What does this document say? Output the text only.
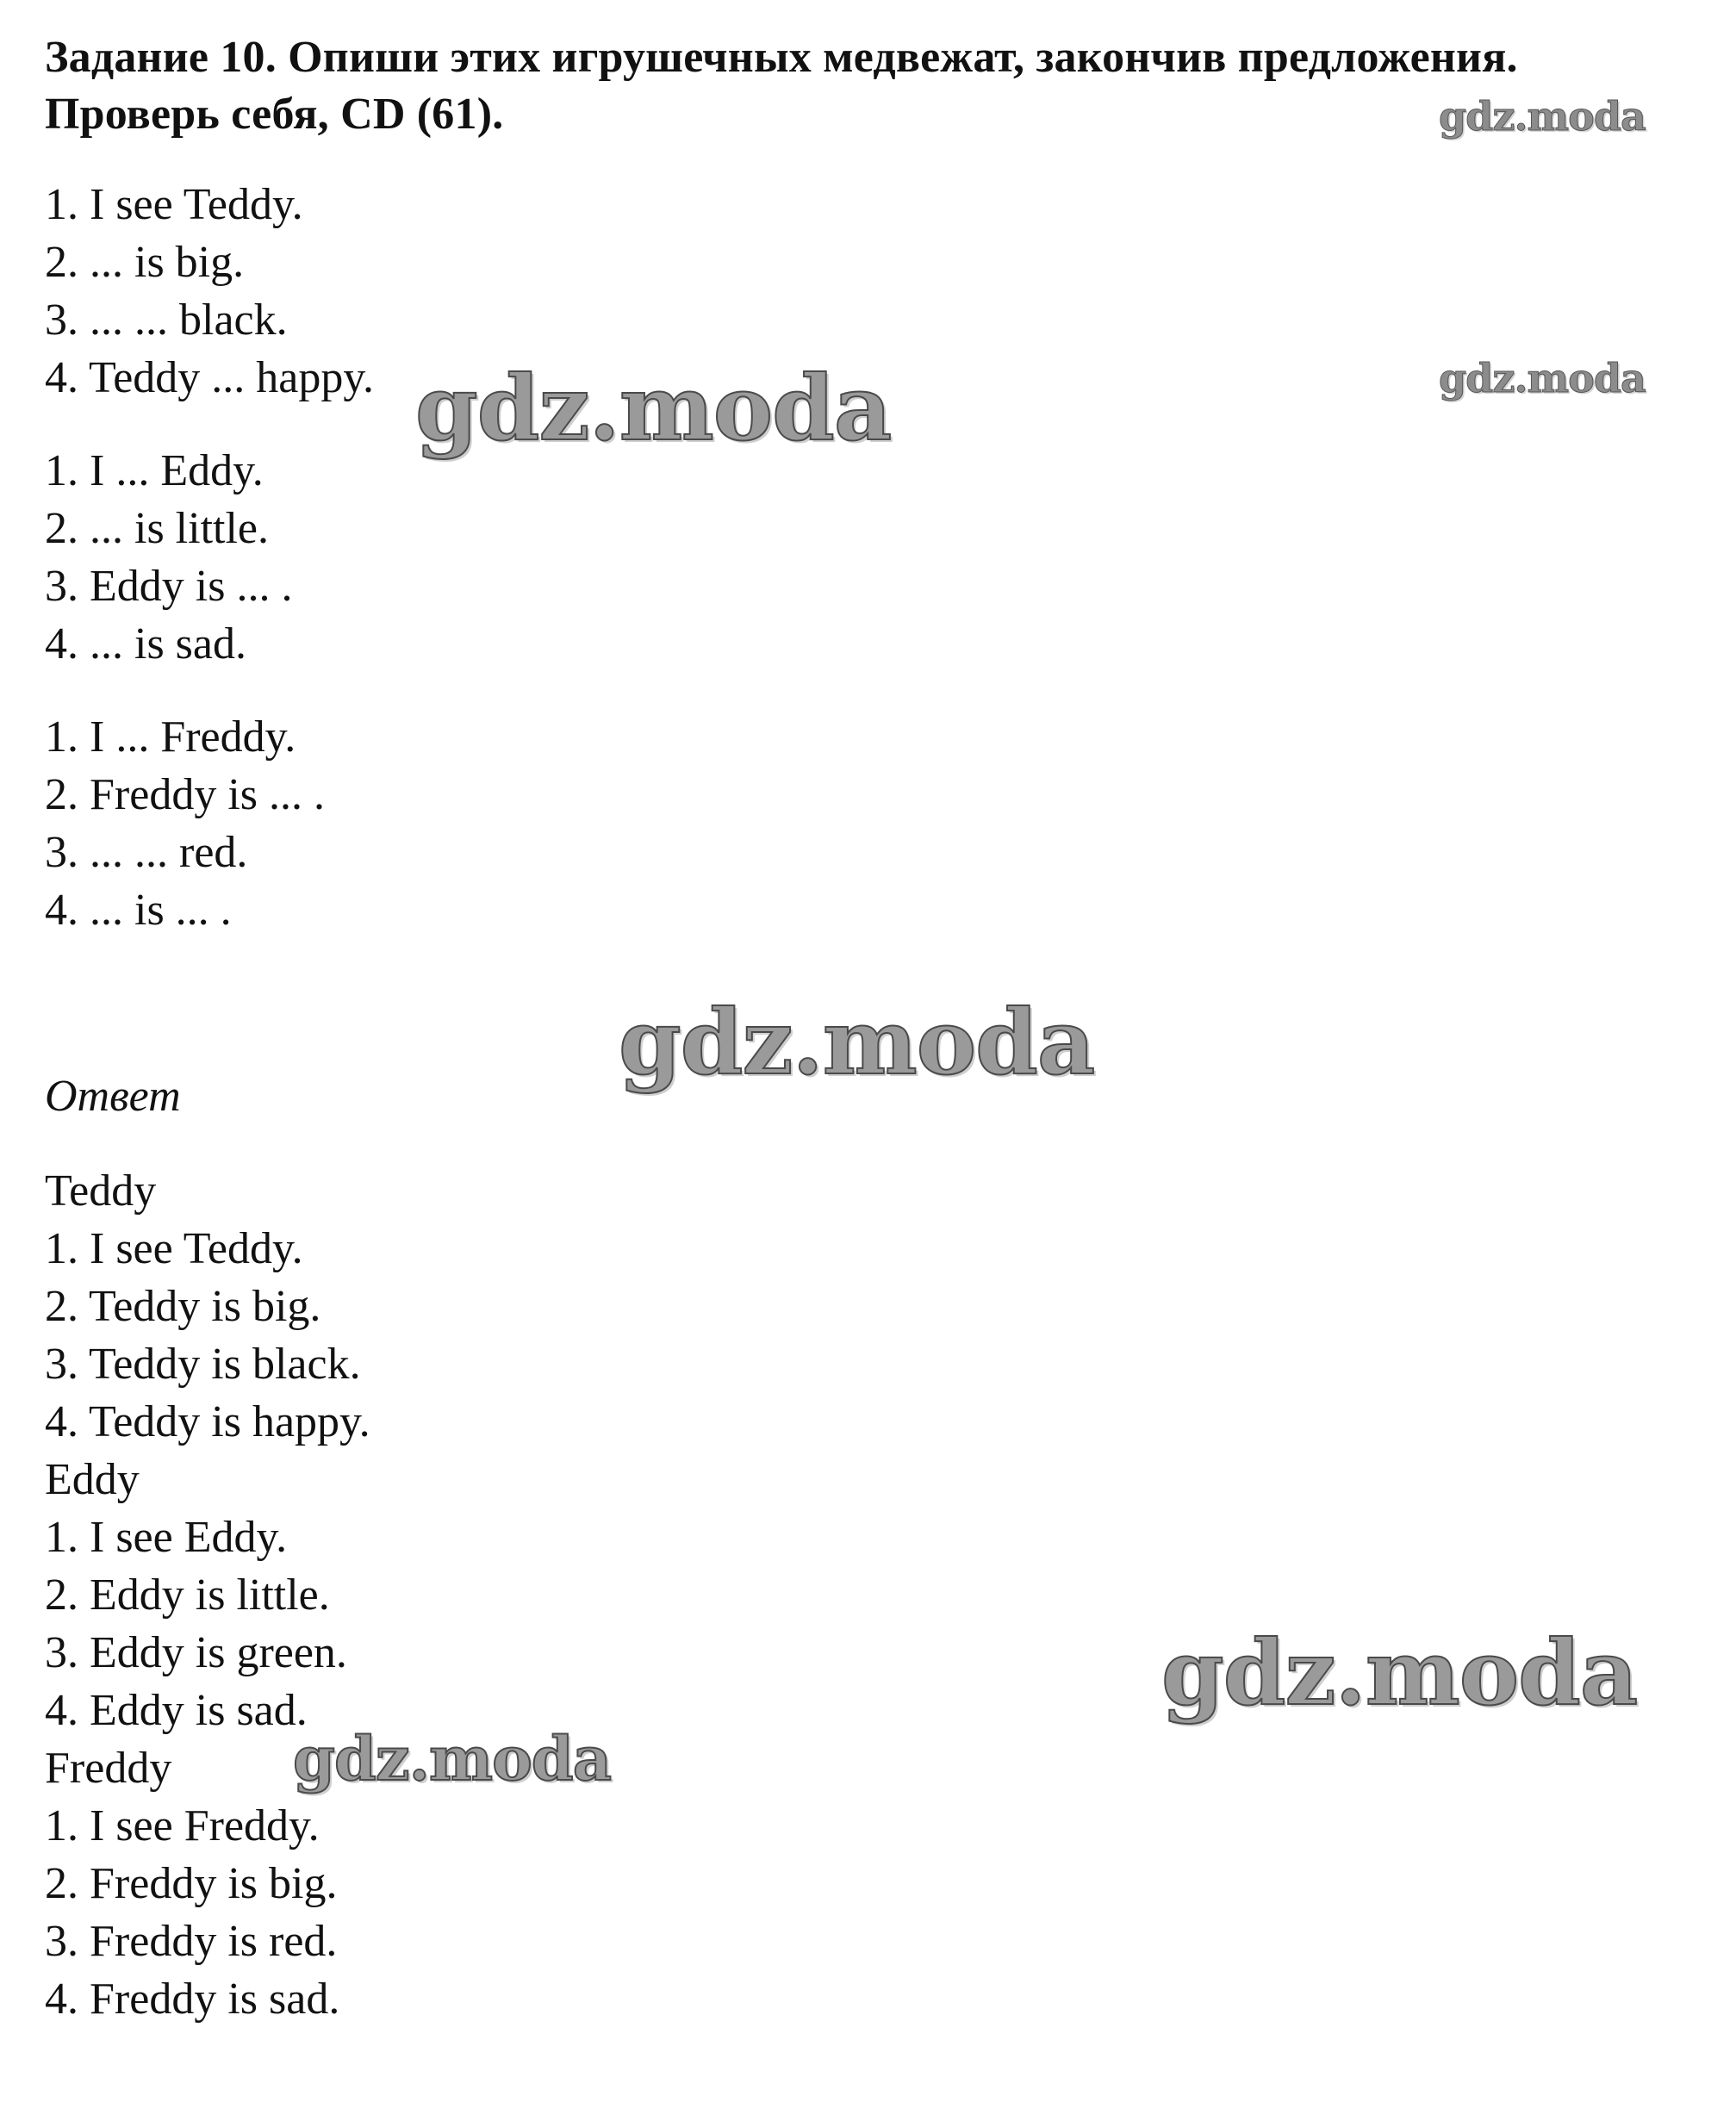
Задание 10. Опиши этих игрушечных медвежат, закончив предложения.
Проверь себя, CD (61).
1. I see Teddy.
2. ... is big.
3. ... ... black.
4. Teddy ... happy.
1. I ... Eddy.
2. ... is little.
3. Eddy is ... .
4. ... is sad.
1. I ... Freddy.
2. Freddy is ... .
3. ... ... red.
4. ... is ... .
Ответ
Teddy
1. I see Teddy.
2. Teddy is big.
3. Teddy is black.
4. Teddy is happy.
Eddy
1. I see Eddy.
2. Eddy is little.
3. Eddy is green.
4. Eddy is sad.
Freddy
1. I see Freddy.
2. Freddy is big.
3. Freddy is red.
4. Freddy is sad.
gdz.moda
gdz.moda
gdz.moda
gdz.moda
gdz.moda
gdz.moda
